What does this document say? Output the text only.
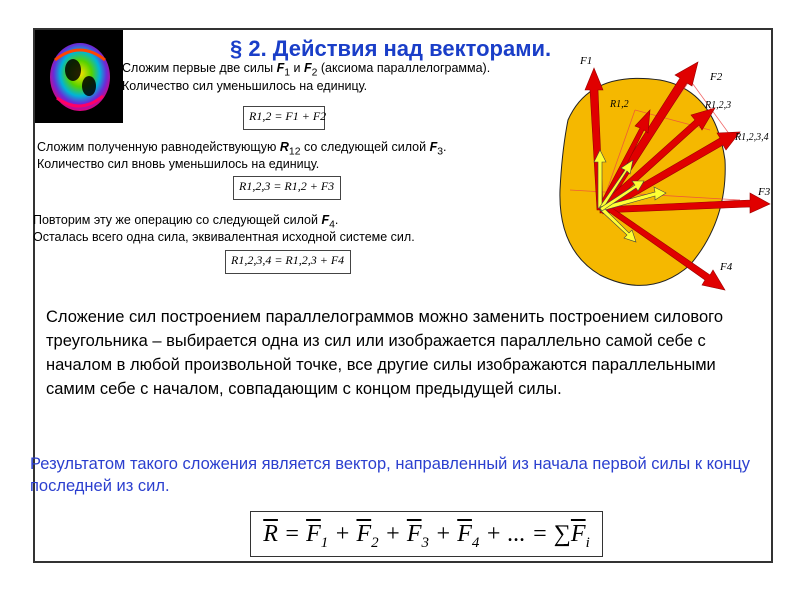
§ 2. Действия над векторами.
Сложим первые две силы $F_1$ и $F_2$ (аксиома параллелограмма).
Количество сил уменьшилось на единицу.
R1,2 = F1 + F2
Сложим полученную равнодействующую $R_{12}$ со следующей силой $F_3$.
Количество сил вновь уменьшилось на единицу.
R1,2,3 = R1,2 + F3
Повторим эту же операцию со следующей силой $F_4$.
Осталась всего одна сила, эквивалентная исходной системе сил.
R1,2,3,4 = R1,2,3 + F4
F2
R1,2	R1,2,3
R1,2,3,4
F3
F4
F1
Сложение сил построением параллелограммов можно заменить построением силового треугольника – выбирается одна из сил или изображается параллельно самой себе с началом в любой произвольной точке, все другие силы изображаются параллельными самим себе с началом, совпадающим с концом предыдущей силы.
Результатом такого сложения является вектор, направленный из начала первой силы к концу последней из сил.
$\overline{R} = \overline{F}_1 + \overline{F}_2 + \overline{F}_3 + \overline{F}_4$ + ... = $\sum\overline{F}_i$
